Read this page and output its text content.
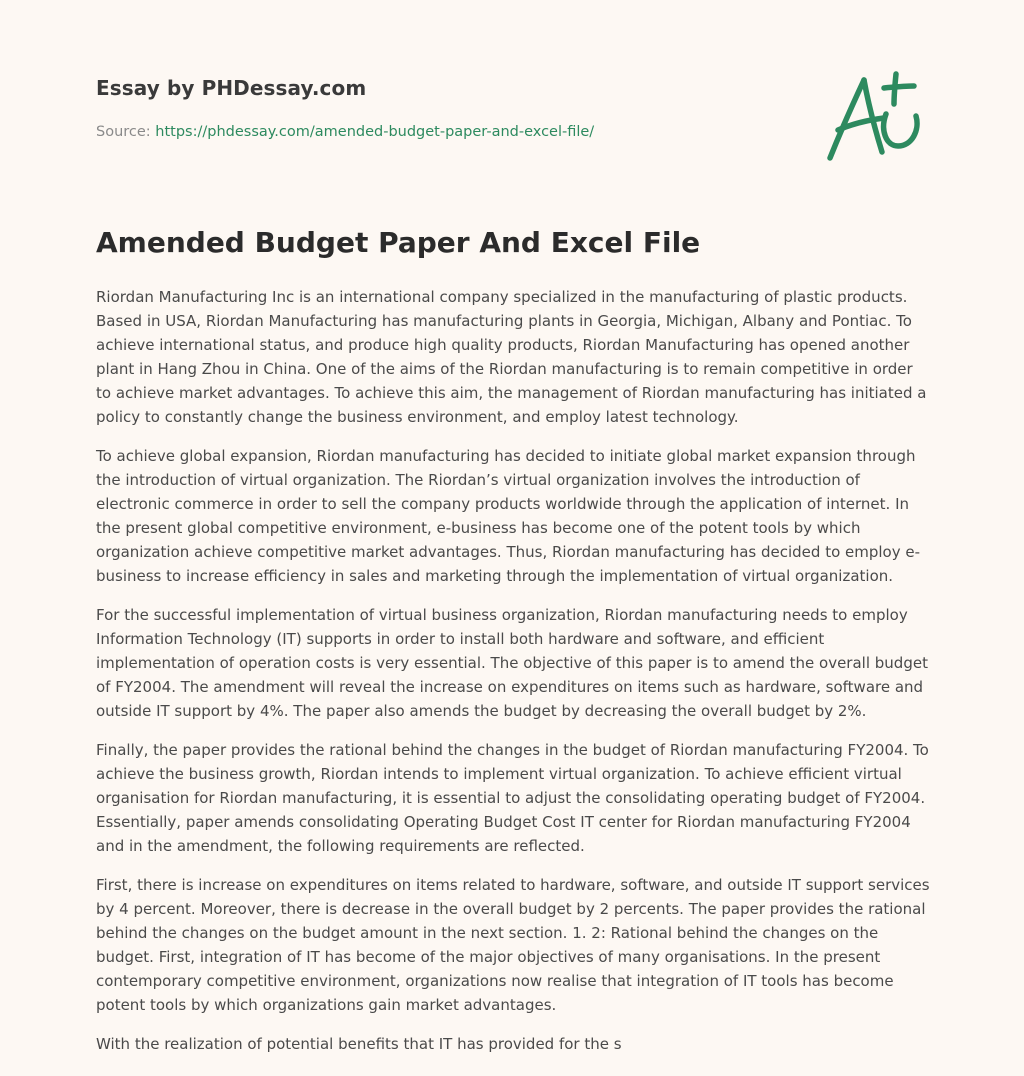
Essay by PHDessay.com
Source: https://phdessay.com/amended-budget-paper-and-excel-file/
Amended Budget Paper And Excel File

Riordan Manufacturing Inc is an international company specialized in the manufacturing of plastic products. Based in USA, Riordan Manufacturing has manufacturing plants in Georgia, Michigan, Albany and Pontiac. To achieve international status, and produce high quality products, Riordan Manufacturing has opened another plant in Hang Zhou in China. One of the aims of the Riordan manufacturing is to remain competitive in order to achieve market advantages. To achieve this aim, the management of Riordan manufacturing has initiated a policy to constantly change the business environment, and employ latest technology.

To achieve global expansion, Riordan manufacturing has decided to initiate global market expansion through the introduction of virtual organization. The Riordan’s virtual organization involves the introduction of electronic commerce in order to sell the company products worldwide through the application of internet. In the present global competitive environment, e-business has become one of the potent tools by which organization achieve competitive market advantages. Thus, Riordan manufacturing has decided to employ e-business to increase efficiency in sales and marketing through the implementation of virtual organization.

For the successful implementation of virtual business organization, Riordan manufacturing needs to employ Information Technology (IT) supports in order to install both hardware and software, and efficient implementation of operation costs is very essential. The objective of this paper is to amend the overall budget of FY2004. The amendment will reveal the increase on expenditures on items such as hardware, software and outside IT support by 4%. The paper also amends the budget by decreasing the overall budget by 2%.

Finally, the paper provides the rational behind the changes in the budget of Riordan manufacturing FY2004. To achieve the business growth, Riordan intends to implement virtual organization. To achieve efficient virtual organisation for Riordan manufacturing, it is essential to adjust the consolidating operating budget of FY2004. Essentially, paper amends consolidating Operating Budget Cost IT center for Riordan manufacturing FY2004 and in the amendment, the following requirements are reflected.

First, there is increase on expenditures on items related to hardware, software, and outside IT support services by 4 percent. Moreover, there is decrease in the overall budget by 2 percents. The paper provides the rational behind the changes on the budget amount in the next section. 1. 2: Rational behind the changes on the budget. First, integration of IT has become of the major objectives of many organisations. In the present contemporary competitive environment, organizations now realise that integration of IT tools has become potent tools by which organizations gain market advantages.

With the realization of potential benefits that IT has provided for the s
